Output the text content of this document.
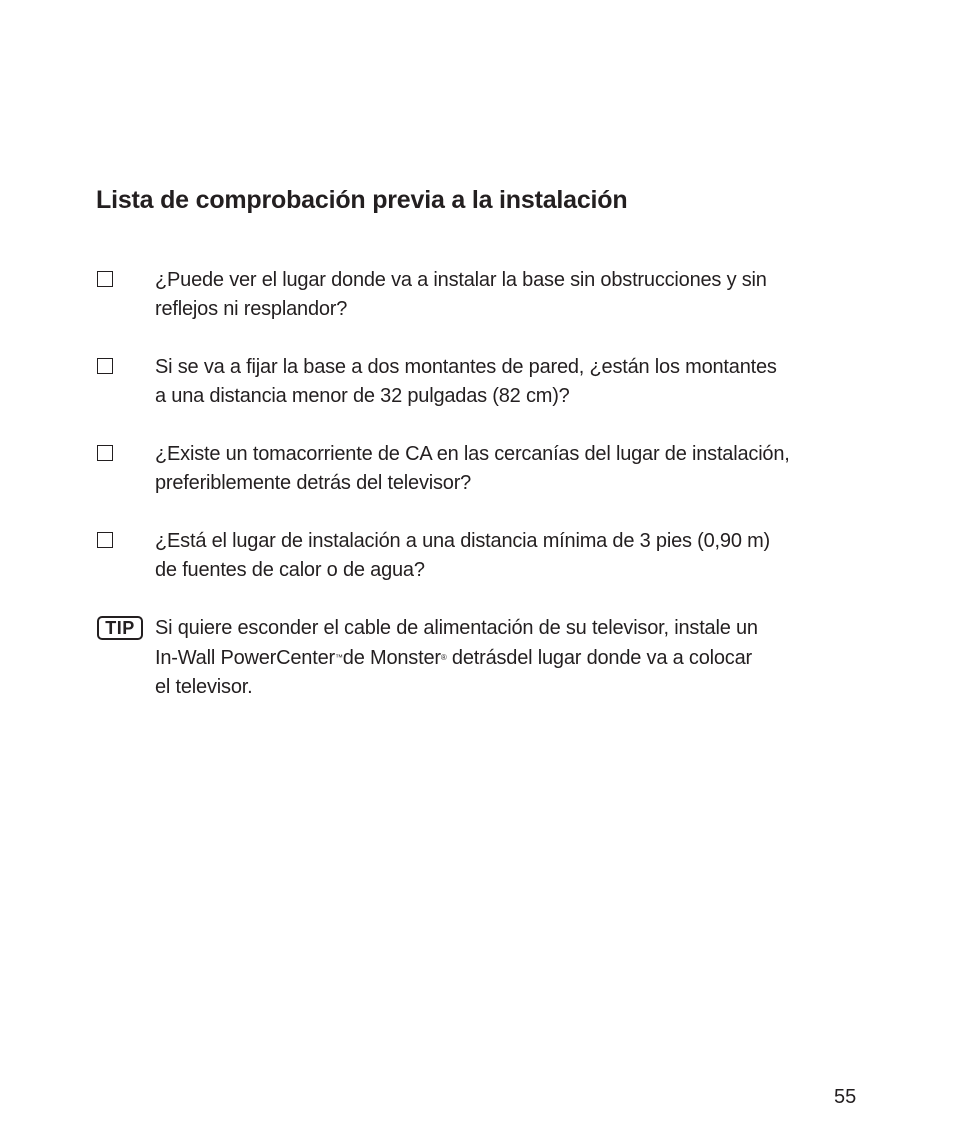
Lista de comprobación previa a la instalación
¿Puede ver el lugar donde va a instalar la base sin obstrucciones y sin
reflejos ni resplandor?
Si se va a fijar la base a dos montantes de pared, ¿están los montantes
a una distancia menor de 32 pulgadas (82 cm)?
¿Existe un tomacorriente de CA en las cercanías del lugar de instalación,
preferiblemente detrás del televisor?
¿Está el lugar de instalación a una distancia mínima de 3 pies (0,90 m)
de fuentes de calor o de agua?
TIP	Si quiere esconder el cable de alimentación de su televisor, instale un
In-Wall PowerCenter™de Monster® detrásdel lugar donde va a colocar
el televisor.
55
